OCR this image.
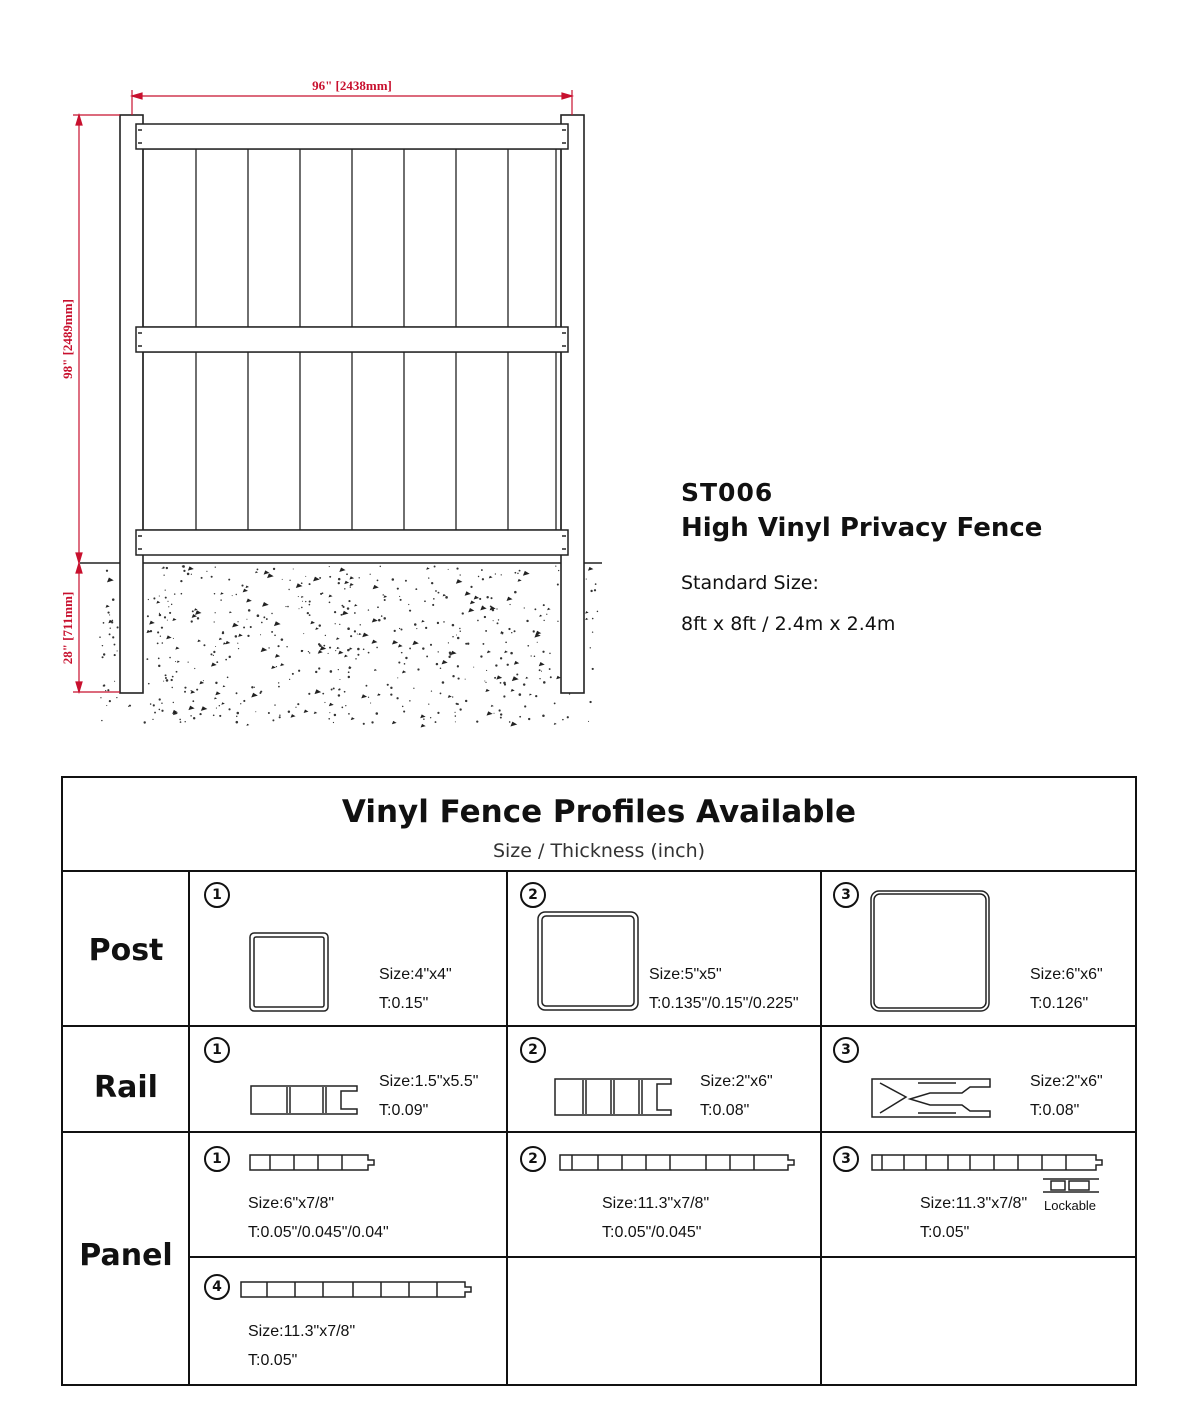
96" [2438mm]
98" [2489mm]
28" [711mm]
ST006
High Vinyl Privacy Fence
Standard Size:
8ft x 8ft / 2.4m x 2.4m
Vinyl Fence Profiles Available
Size / Thickness (inch)
Post
Rail
Panel
1
Size:4"x4"
T:0.15"
2
Size:5"x5"
T:0.135"/0.15"/0.225"
3
Size:6"x6"
T:0.126"
1
Size:1.5"x5.5"
T:0.09"
2
Size:2"x6"
T:0.08"
3
Size:2"x6"
T:0.08"
1
Size:6"x7/8"
T:0.05"/0.045"/0.04"
2
Size:11.3"x7/8"
T:0.05"/0.045"
3
Lockable
Size:11.3"x7/8"
T:0.05"
4
Size:11.3"x7/8"
T:0.05"
